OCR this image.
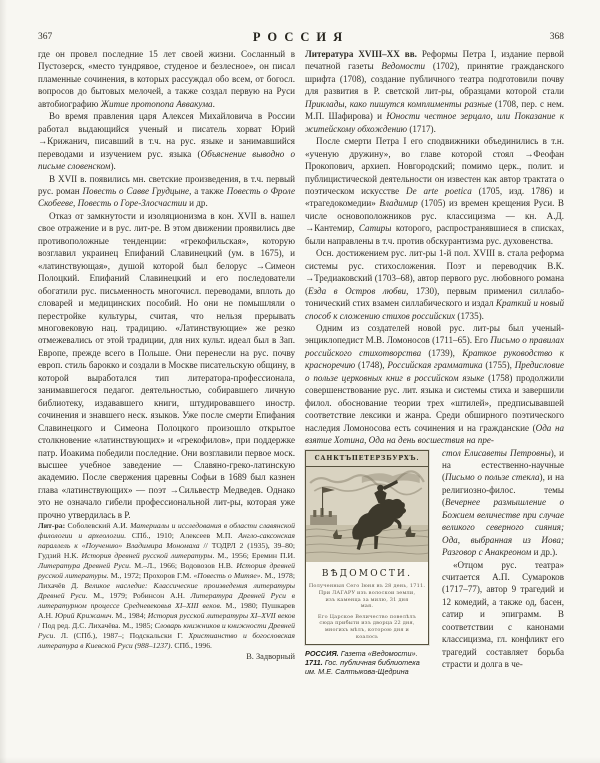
367	РОССИЯ	368

где он провел последние 15 лет своей жизни. Сосланный в Пустозерск, «место тундрявое, студеное и безлесное», он писал пламенные сочинения, в которых рассуждал обо всем, от богосл. вопросов до бытовых мелочей, а также создал первую на Руси автобиографию Житие протопопа Аввакума.

Во время правления царя Алексея Михайловича в России работал выдающийся ученый и писатель хорват Юрий →Крижанич, писавший в т.ч. на рус. языке и занимавшийся переводами и изучением рус. языка (Объяснение выводно о письме словенском).

В XVII в. появились мн. светские произведения, в т.ч. первый рус. роман Повесть о Савве Грудцыне, а также Повесть о Фроле Скобееве, Повесть о Горе-Злосчастии и др.

Отказ от замкнутости и изоляционизма в кон. XVII в. нашел свое отражение и в рус. лит-ре. В этом движении проявились две противоположные тенденции: «грекофильская», которую возглавил украинец Епифаний Славинецкий (ум. в 1675), и «латинствующая», душой которой был белорус →Симеон Полоцкий. Епифаний Славинецкий и его последователи обогатили рус. письменность многочисл. переводами, вплоть до словарей и медицинских пособий. Но они не помышляли о перестройке культуры, считая, что нельзя прерывать многовековую нац. традицию. «Латинствующие» же резко отмежевались от этой традиции, для них культ. идеал был в Зап. Европе, прежде всего в Польше. Они перенесли на рус. почву европ. стиль барокко и создали в Москве писательскую общину, в которой выработался тип литератора-профессионала, занимавшегося педагог. деятельностью, собиравшего личную библиотеку, издававшего книги, штудировавшего иностр. сочинения и знавшего неск. языков. Уже после смерти Епифания Славинецкого и Симеона Полоцкого произошло открытое столкновение «латинствующих» и «грекофилов», при поддержке патр. Иоакима победили последние. Они возглавили первое моск. высшее учебное заведение — Славяно-греко-латинскую академию. После свержения царевны Софьи в 1689 был казнен глава «латинствующих» — поэт →Сильвестр Медведев. Однако это не означало гибели профессиональной лит-ры, которая уже прочно утвердилась в Р.

Лит-ра: Соболевский А.И. Материалы и исследования в области славянской филологии и археологии. СПб., 1910; Алексеев М.П. Англо-саксонская параллель к «Поучению» Владимира Мономаха // ТОДРЛ 2 (1935), 39–80; Гудзий Н.К. История древней русской литературы. М., 1956; Еремин П.И. Литература Древней Руси. М.–Л., 1966; Водовозов Н.В. История древней русской литературы. М., 1972; Прохоров Г.М. «Повесть о Митяе». М., 1978; Лихачёв Д. Великое наследие: Классические произведения литературы Древней Руси. М., 1979; Робинсон А.Н. Литература Древней Руси в литературном процессе Средневековья XI–XIII веков. М., 1980; Пушкарев А.Н. Юрий Крижанич. М., 1984; История русской литературы XI–XVII веков / Под ред. Д.С. Лихачёва. М., 1985; Словарь книжников и книжности Древней Руси. Л. (СПб.), 1987–; Подскальски Г. Христианство и богословская литература в Киевской Руси (988–1237). СПб., 1996.

В. Задворный

Литература XVIII–XX вв. Реформы Петра I, издание первой печатной газеты Ведомости (1702), принятие гражданского шрифта (1708), создание публичного театра подготовили почву для развития в Р. светской лит-ры, образцами которой стали Приклады, како пишутся комплименты разные (1708, пер. с нем. М.П. Шафирова) и Юности честное зерцало, или Показание к житейскому обхождению (1717).

После смерти Петра I его сподвижники объединились в т.н. «ученую дружину», во главе которой стоял →Феофан Прокопович, архиеп. Новгородский; помимо церк., полит. и публицистической деятельности он известен как автор трактата о поэтическом искусстве De arte poetica (1705, изд. 1786) и «трагедокомедии» Владимир (1705) из времен крещения Руси. В числе основоположников рус. классицизма — кн. А.Д. →Кантемир, Сатиры которого, распространявшиеся в списках, были направлены в т.ч. против обскурантизма рус. духовенства.

Осн. достижением рус. лит-ры 1-й пол. XVIII в. стала реформа системы рус. стихосложения. Поэт и переводчик В.К. →Тредиаковский (1703–68), автор первого рус. любовного романа (Езда в Остров любви, 1730), первым применил силлабо-тонический стих взамен силлабического и издал Краткий и новый способ к сложению стихов российских (1735).

Одним из создателей новой рус. лит-ры был ученый-энциклопедист М.В. Ломоносов (1711–65). Его Письмо о правилах российского стихотворства (1739), Краткое руководство к красноречию (1748), Российская грамматика (1755), Предисловие о пользе церковных книг в российском языке (1758) продолжили совершенствование рус. лит. языка и системы стиха и завершили филол. обоснование теории трех «штилей», предписывавшей соответствие лексики и жанра. Среди обширного поэтического наследия Ломоносова есть сочинения и на гражданские (Ода на взятие Хотина, Ода на день восшествия на пре-

САНКТЪПЕТЕРЗБУРХЪ.
ВѢДОМОСТИ.
Полученныя Сего Іюня въ 28 день, 1711.
При ЛАГАРУ изъ волоскои земли,
изъ каменца за милю, 31 дня
мая.
Его Царское Величество повелѣлъ
сюда прибыти изъ дворца 22 дня,
многихъ мѣлъ, которою дня и
коалось
РОССИЯ. Газета «Ведомости». 1711. Гос. публичная библиотека им. М.Е. Салтыкова-Щедрина

стол Елисаветы Петровны), и на естественно-научные (Письмо о пользе стекла), и на религиозно-филос. темы (Вечернее размышление о Божием величестве при случае великого северного сияния; Ода, выбранная из Иова; Разговор с Анакреоном и др.).

«Отцом рус. театра» считается А.П. Сумароков (1717–77), автор 9 трагедий и 12 комедий, а также од, басен, сатир и эпиграмм. В соответствии с канонами классицизма, гл. конфликт его трагедий составляет борьба страсти и долга в че-
